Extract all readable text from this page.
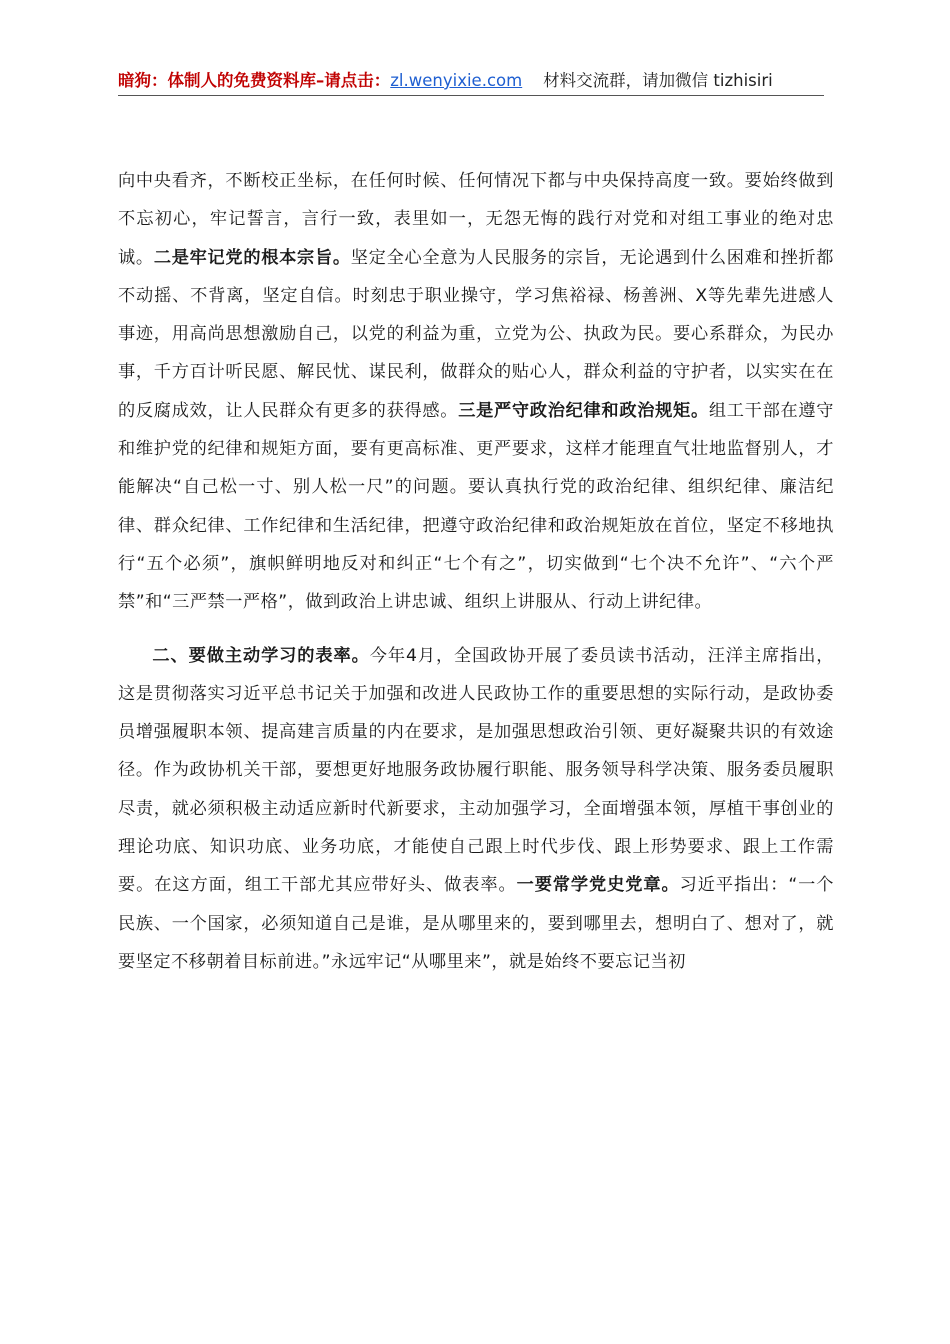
暗狗：体制人的免费资料库–请点击：zl.wenyixie.com 材料交流群，请加微信 tizhisiri

向中央看齐，不断校正坐标，在任何时候、任何情况下都与中央保持高度一致。要始终做到不忘初心，牢记誓言，言行一致，表里如一，无怨无悔的践行对党和对组工事业的绝对忠诚。二是牢记党的根本宗旨。坚定全心全意为人民服务的宗旨，无论遇到什么困难和挫折都不动摇、不背离，坚定自信。时刻忠于职业操守，学习焦裕禄、杨善洲、X等先辈先进感人事迹，用高尚思想激励自己，以党的利益为重，立党为公、执政为民。要心系群众，为民办事，千方百计听民愿、解民忧、谋民利，做群众的贴心人，群众利益的守护者，以实实在在的反腐成效，让人民群众有更多的获得感。三是严守政治纪律和政治规矩。组工干部在遵守和维护党的纪律和规矩方面，要有更高标准、更严要求，这样才能理直气壮地监督别人，才能解决“自己松一寸、别人松一尺”的问题。要认真执行党的政治纪律、组织纪律、廉洁纪律、群众纪律、工作纪律和生活纪律，把遵守政治纪律和政治规矩放在首位，坚定不移地执行“五个必须”，旗帜鲜明地反对和纠正“七个有之”，切实做到“七个决不允许”、“六个严禁”和“三严禁一严格”，做到政治上讲忠诚、组织上讲服从、行动上讲纪律。

二、要做主动学习的表率。今年4月，全国政协开展了委员读书活动，汪洋主席指出，这是贯彻落实习近平总书记关于加强和改进人民政协工作的重要思想的实际行动，是政协委员增强履职本领、提高建言质量的内在要求，是加强思想政治引领、更好凝聚共识的有效途径。作为政协机关干部，要想更好地服务政协履行职能、服务领导科学决策、服务委员履职尽责，就必须积极主动适应新时代新要求，主动加强学习，全面增强本领，厚植干事创业的理论功底、知识功底、业务功底，才能使自己跟上时代步伐、跟上形势要求、跟上工作需要。在这方面，组工干部尤其应带好头、做表率。一要常学党史党章。习近平指出：“一个民族、一个国家，必须知道自己是谁，是从哪里来的，要到哪里去，想明白了、想对了，就要坚定不移朝着目标前进。”永远牢记“从哪里来”，就是始终不要忘记当初
